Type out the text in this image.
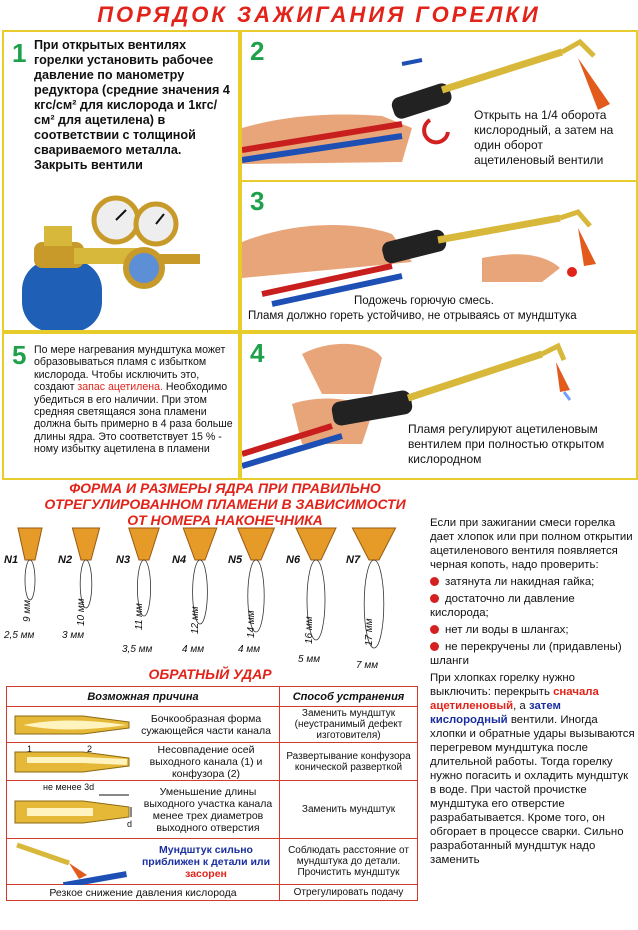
ПОРЯДОК ЗАЖИГАНИЯ ГОРЕЛКИ
1 При открытых вентилях горелки установить рабочее давление по манометру редуктора (средние значения 4 кгс/см² для кислорода и 1кгс/см² для ацетилена) в соответствии с толщиной свариваемого металла. Закрыть вентили
2
Открыть на 1/4 оборота кислородный, а затем на один оборот ацетиленовый вентили
3
Подожечь горючую смесь.
Пламя должно гореть устойчиво, не отрываясь от мундштука
5 По мере нагревания мундштука может образовываться пламя с избытком кислорода. Чтобы исключить это, создают запас ацетилена. Необходимо убедиться в его наличии. При этом средняя светящаяся зона пламени должна быть примерно в 4 раза больше длины ядра. Это соответствует 15 % - ному избытку ацетилена в пламени
4
Пламя регулируют ацетиленовым вентилем при полностью открытом кислородном
ФОРМА И РАЗМЕРЫ ЯДРА ПРИ ПРАВИЛЬНО
ОТРЕГУЛИРОВАННОМ ПЛАМЕНИ В ЗАВИСИМОСТИ
ОТ НОМЕРА НАКОНЕЧНИКА
N1	N2	N3	N4	N5	N6	N7
9 мм	10 мм	11 мм	12 мм	14 мм	16 мм	17 мм
2,5 мм	3 мм
3,5 мм	4 мм	4 мм
5 мм
7 мм
ОБРАТНЫЙ УДАР
Возможная причина	Способ устранения

Бочкообразная форма сужающейся части канала	Заменить мундштук (неустранимый дефект изготовителя)

1 2 Несовпадение осей выходного канала (1) и конфузора (2)	Развертывание конфузора конической разверткой

не менее 3d
d
Уменьшение длины выходного участка канала менее трех диаметров выходного отверстия	Заменить мундштук

Мундштук сильно приближен к детали или засорен	Соблюдать расстояние от мундштука до детали. Прочистить мундштук
Резкое снижение давления кислорода	Отрегулировать подачу

Если при зажигании смеси горелка дает хлопок или при полном открытии ацетиленового вентиля появляется черная копоть, надо проверить:

затянута ли накидная гайка;

достаточно ли давление кислорода;

нет ли воды в шлангах;

не перекручены ли (придавлены) шланги

При хлопках горелку нужно выключить: перекрыть сначала ацетиленовый, а затем кислородный вентили. Иногда хлопки и обратные удары вызываются перегревом мундштука после длительной работы. Тогда горелку нужно погасить и охладить мундштук в воде. При частой прочистке мундштука его отверстие разрабатывается. Кроме того, он обгорает в процессе сварки. Сильно разработанный мундштук надо заменить
